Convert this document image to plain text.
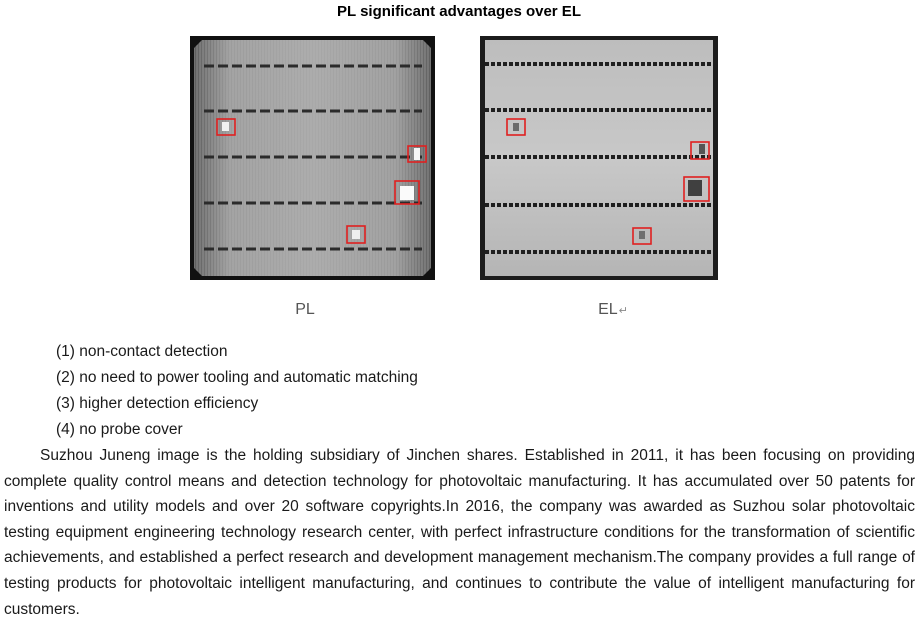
PL significant advantages over EL
PL	EL↵
(1) non-contact detection
(2) no need to power tooling and automatic matching
(3) higher detection efficiency
(4) no probe cover

Suzhou Juneng image is the holding subsidiary of Jinchen shares. Established in 2011, it has been focusing on providing complete quality control means and detection technology for photovoltaic manufacturing. It has accumulated over 50 patents for inventions and utility models and over 20 software copyrights.In 2016, the company was awarded as Suzhou solar photovoltaic testing equipment engineering technology research center, with perfect infrastructure conditions for the transformation of scientific achievements, and established a perfect research and development management mechanism.The company provides a full range of testing products for photovoltaic intelligent manufacturing, and continues to contribute the value of intelligent manufacturing for customers.
